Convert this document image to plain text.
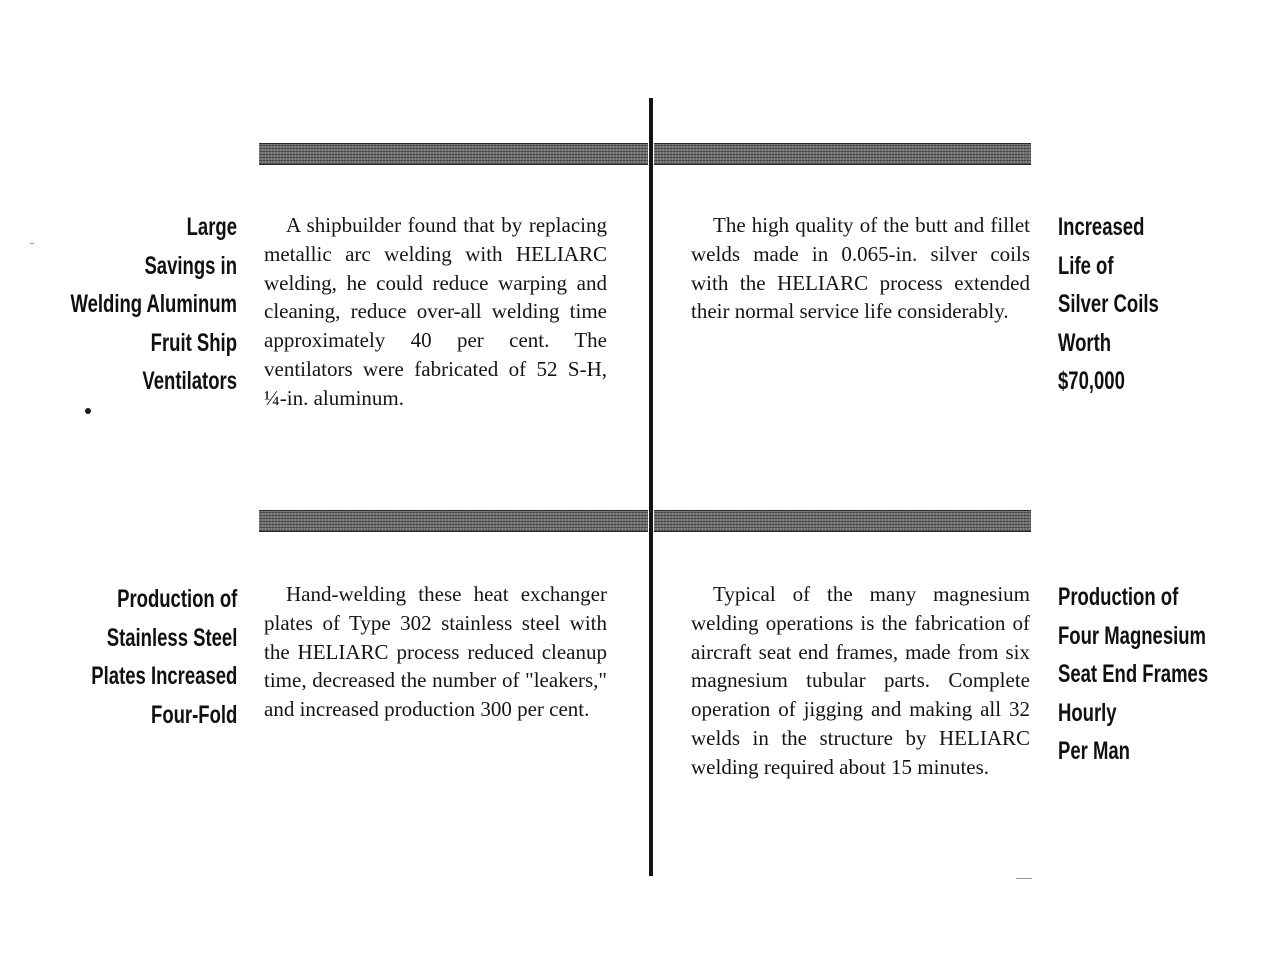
Large
Savings in
Welding Aluminum
Fruit Ship
Ventilators
A shipbuilder found that by replacing metallic arc welding with HELIARC welding, he could reduce warping and cleaning, reduce over-all welding time approximately 40 per cent. The ventilators were fabricated of 52 S-H, ¼-in. aluminum.
The high quality of the butt and fillet welds made in 0.065-in. silver coils with the HELIARC process extended their normal service life considerably.
Increased
Life of
Silver Coils
Worth
$70,000
Production of
Stainless Steel
Plates Increased
Four-Fold
Hand-welding these heat exchanger plates of Type 302 stainless steel with the HELIARC process reduced cleanup time, decreased the number of "leakers," and increased production 300 per cent.
Typical of the many magnesium welding operations is the fabrication of aircraft seat end frames, made from six magnesium tubular parts. Complete operation of jigging and making all 32 welds in the structure by HELIARC welding required about 15 minutes.
Production of
Four Magnesium
Seat End Frames
Hourly
Per Man
